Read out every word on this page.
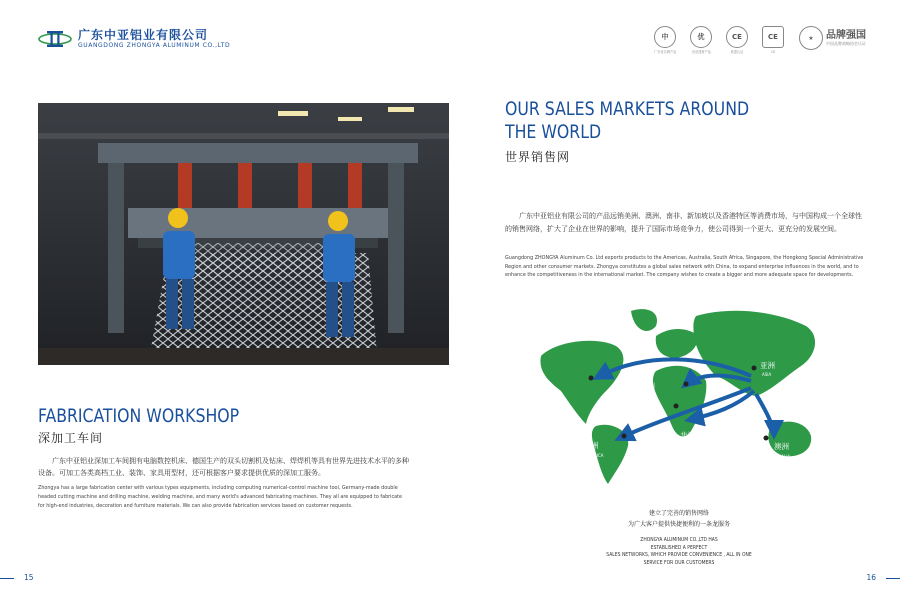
广东中亚铝业有限公司
GUANGDONG ZHONGYA ALUMINUM CO.,LTD
中
广东省名牌产品
优
优质建材产品
CE
欧盟认证
CE
CE
★	品牌强国
中国品牌战略协会认证
FABRICATION WORKSHOP
深加工车间
广东中亚铝业深加工车间拥有电脑数控机床、德国生产的双头切割机及钻床、焊焊机等具有世界先进技术水平的多种设备。可加工各类高档工业、装饰、家具用型材，还可根据客户要求提供优质的深加工服务。
Zhongya has a large fabrication center with various types equipments, including computing numerical-control machine tool, Germany-made double headed cutting machine and drilling machine, welding machine, and many world's advanced fabricating machines. They all are equipped to fabricate for high-end industries, decoration and furniture materials. We can also provide fabrication services based on customer requests.
OUR SALES MARKETS AROUND
THE WORLD
世界销售网
广东中亚铝业有限公司的产品远销美洲、澳洲、南非、新加坡以及香港特区等消费市场，与中国构成一个全球性的销售网络，扩大了企业在世界的影响，提升了国际市场竞争力，使公司得到一个更大、更充分的发展空间。
Guangdong ZHONGYA Aluminum Co. Ltd exports products to the Americas, Australia, South Africa, Singapore, the Hongkong Special Administrative Region and other consumer markets. Zhongya constitutes a global sales network with China, to expand enterprise influences in the world, and to enhance the competitiveness in the international market. The company wishes to create a bigger and more adequate space for developments.
北美洲
NORTH AMERICA
欧洲
EUROPE
亚洲
ASIA
南美洲
SOUTH AMERICA
非洲
AFRICA	澳洲
AUSTRALIA
建立了完善的销售网络
为广大客户提供快捷便利的一条龙服务
ZHONGYA ALUMINUM CO.,LTD HAS
ESTABLISHED A PERFECT
SALES NETWORKS, WHICH PROVIDE CONVENIENCE , ALL IN ONE
SERVICE FOR OUR CUSTOMERS
15	16
